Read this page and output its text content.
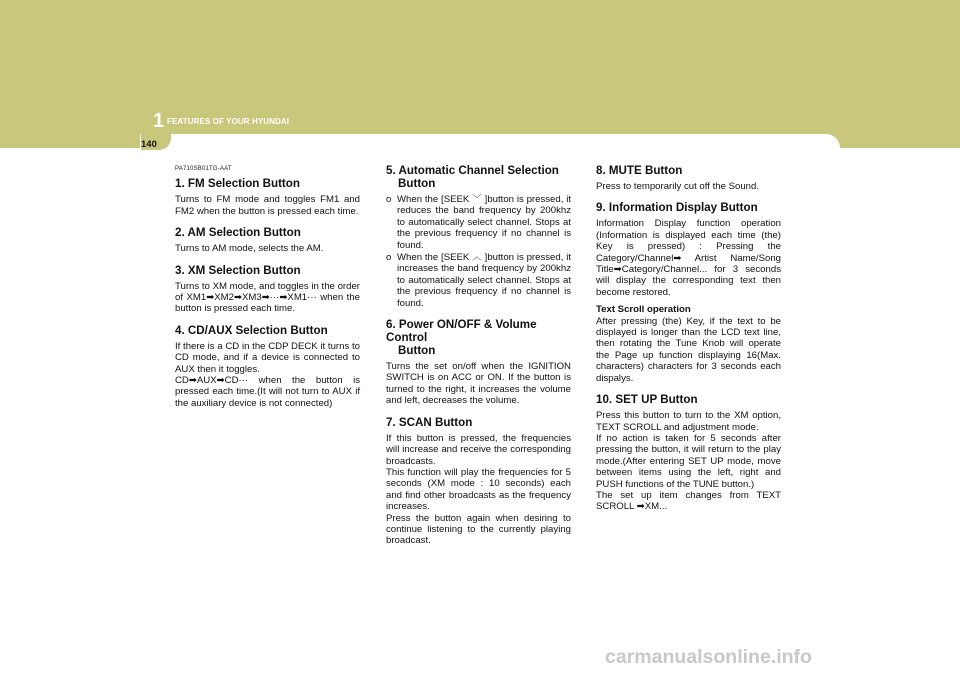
1 FEATURES OF YOUR HYUNDAI
140
PA710SB01TG-AAT
1. FM Selection Button

Turns to FM mode and toggles FM1 and FM2 when the button is pressed each time.

2. AM Selection Button

Turns to AM mode, selects the AM.

3. XM Selection Button

Turns to XM mode, and toggles in the order of XM1➡XM2➡XM3➡···➡XM1··· when the button is pressed each time.

4. CD/AUX Selection Button

If there is a CD in the CDP DECK it turns to CD mode, and if a device is connected to AUX then it toggles.

CD➡AUX➡CD··· when the button is pressed each time.(It will not turn to AUX if the auxiliary device is not connected)

5. Automatic Channel Selection
Button
o When the [SEEK ﹀ ]button is pressed, it reduces the band frequency by 200khz to automatically select channel. Stops at the previous frequency if no channel is found.
o When the [SEEK ︿ ]button is pressed, it increases the band frequency by 200khz to automatically select channel. Stops at the previous frequency if no channel is found.
6. Power ON/OFF & Volume Control
Button

Turns the set on/off when the IGNITION SWITCH is on ACC or ON. If the button is turned to the right, it increases the volume and left, decreases the volume.

7. SCAN Button

If this button is pressed, the frequencies will increase and receive the corresponding broadcasts.

This function will play the frequencies for 5 seconds (XM mode : 10 seconds) each and find other broadcasts as the frequency increases.

Press the button again when desiring to continue listening to the currently playing broadcast.

8. MUTE Button

Press to temporarily cut off the Sound.

9. Information Display Button

Information Display function operation (Information is displayed each time (the) Key is pressed) : Pressing the Category/Channel➡ Artist Name/Song Title➡Category/Channel... for 3 seconds will display the corresponding text then become restored.

Text Scroll operation

After pressing (the) Key, if the text to be displayed is longer than the LCD text line, then rotating the Tune Knob will operate the Page up function displaying 16(Max. characters) characters for 3 seconds each dispalys.

10. SET UP Button

Press this button to turn to the XM option, TEXT SCROLL and adjustment mode.

If no action is taken for 5 seconds after pressing the button, it will return to the play mode.(After entering SET UP mode, move between items using the left, right and PUSH functions of the TUNE button.)

The set up item changes from TEXT SCROLL ➡XM...

carmanualsonline.info
